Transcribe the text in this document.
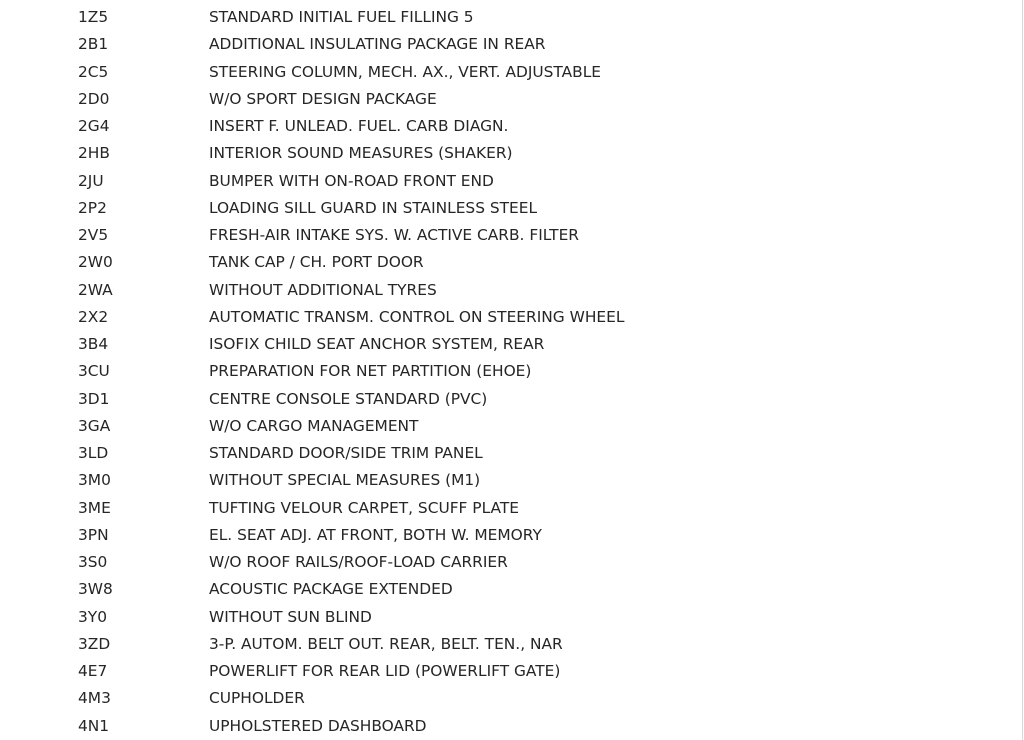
1Z5	STANDARD INITIAL FUEL FILLING 5
2B1	ADDITIONAL INSULATING PACKAGE IN REAR
2C5	STEERING COLUMN, MECH. AX., VERT. ADJUSTABLE
2D0	W/O SPORT DESIGN PACKAGE
2G4	INSERT F. UNLEAD. FUEL. CARB DIAGN.
2HB	INTERIOR SOUND MEASURES (SHAKER)
2JU	BUMPER WITH ON-ROAD FRONT END
2P2	LOADING SILL GUARD IN STAINLESS STEEL
2V5	FRESH-AIR INTAKE SYS. W. ACTIVE CARB. FILTER
2W0	TANK CAP / CH. PORT DOOR
2WA	WITHOUT ADDITIONAL TYRES
2X2	AUTOMATIC TRANSM. CONTROL ON STEERING WHEEL
3B4	ISOFIX CHILD SEAT ANCHOR SYSTEM, REAR
3CU	PREPARATION FOR NET PARTITION (EHOE)
3D1	CENTRE CONSOLE STANDARD (PVC)
3GA	W/O CARGO MANAGEMENT
3LD	STANDARD DOOR/SIDE TRIM PANEL
3M0	WITHOUT SPECIAL MEASURES (M1)
3ME	TUFTING VELOUR CARPET, SCUFF PLATE
3PN	EL. SEAT ADJ. AT FRONT, BOTH W. MEMORY
3S0	W/O ROOF RAILS/ROOF-LOAD CARRIER
3W8	ACOUSTIC PACKAGE EXTENDED
3Y0	WITHOUT SUN BLIND
3ZD	3-P. AUTOM. BELT OUT. REAR, BELT. TEN., NAR
4E7	POWERLIFT FOR REAR LID (POWERLIFT GATE)
4M3	CUPHOLDER
4N1	UPHOLSTERED DASHBOARD
